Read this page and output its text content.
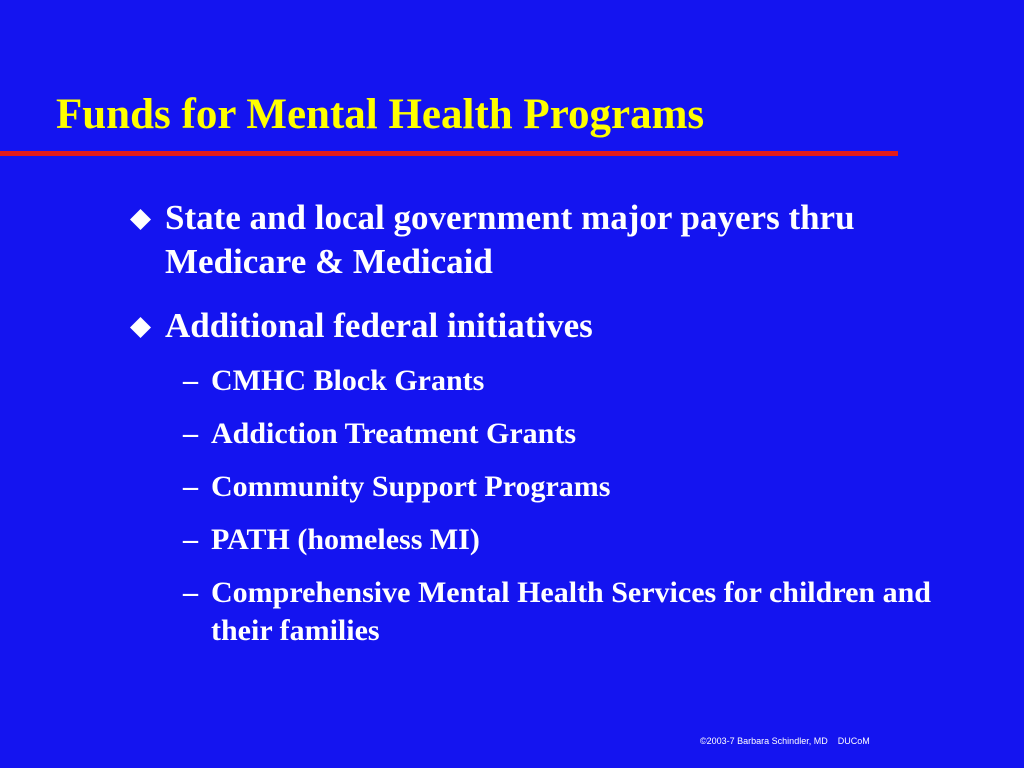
Funds for Mental Health Programs
State and local government major payers thru Medicare & Medicaid
Additional federal initiatives
– CMHC Block Grants
– Addiction Treatment Grants
– Community Support Programs
– PATH (homeless MI)
– Comprehensive Mental Health Services for children and their families
©2003-7 Barbara Schindler, MD    DUCoM
